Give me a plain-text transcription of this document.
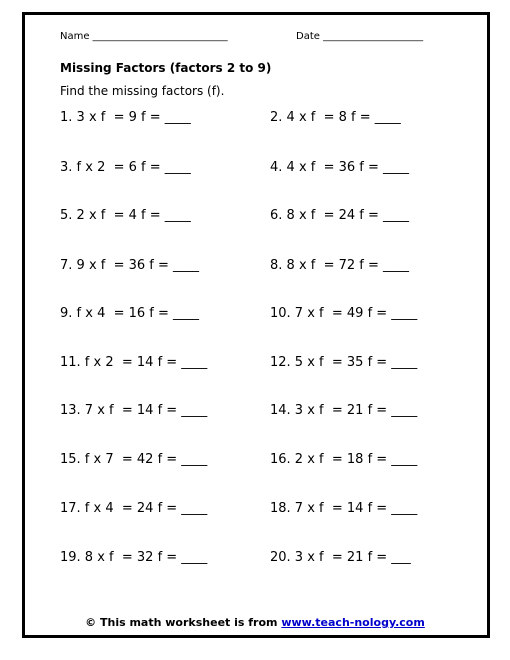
Name ___________________________	Date ____________________
Missing Factors (factors 2 to 9)
Find the missing factors (f).
1. 3 x f  = 9 f = ____	2. 4 x f  = 8 f = ____
3. f x 2  = 6 f = ____	4. 4 x f  = 36 f = ____
5. 2 x f  = 4 f = ____	6. 8 x f  = 24 f = ____
7. 9 x f  = 36 f = ____	8. 8 x f  = 72 f = ____
9. f x 4  = 16 f = ____	10. 7 x f  = 49 f = ____
11. f x 2  = 14 f = ____	12. 5 x f  = 35 f = ____
13. 7 x f  = 14 f = ____	14. 3 x f  = 21 f = ____
15. f x 7  = 42 f = ____	16. 2 x f  = 18 f = ____
17. f x 4  = 24 f = ____	18. 7 x f  = 14 f = ____
19. 8 x f  = 32 f = ____	20. 3 x f  = 21 f = ___
© This math worksheet is from www.teach-nology.com
